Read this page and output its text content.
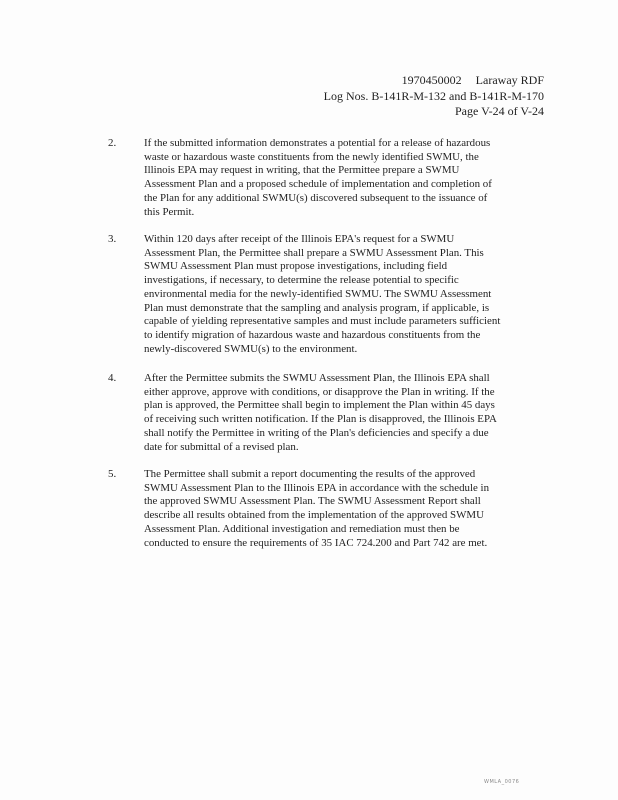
1970450002 Laraway RDF
Log Nos. B-141R-M-132 and B-141R-M-170
Page V-24 of V-24
2.	If the submitted information demonstrates a potential for a release of hazardous
waste or hazardous waste constituents from the newly identified SWMU, the
Illinois EPA may request in writing, that the Permittee prepare a SWMU
Assessment Plan and a proposed schedule of implementation and completion of
the Plan for any additional SWMU(s) discovered subsequent to the issuance of
this Permit.
3.	Within 120 days after receipt of the Illinois EPA's request for a SWMU
Assessment Plan, the Permittee shall prepare a SWMU Assessment Plan. This
SWMU Assessment Plan must propose investigations, including field
investigations, if necessary, to determine the release potential to specific
environmental media for the newly-identified SWMU. The SWMU Assessment
Plan must demonstrate that the sampling and analysis program, if applicable, is
capable of yielding representative samples and must include parameters sufficient
to identify migration of hazardous waste and hazardous constituents from the
newly-discovered SWMU(s) to the environment.
4.	After the Permittee submits the SWMU Assessment Plan, the Illinois EPA shall
either approve, approve with conditions, or disapprove the Plan in writing. If the
plan is approved, the Permittee shall begin to implement the Plan within 45 days
of receiving such written notification. If the Plan is disapproved, the Illinois EPA
shall notify the Permittee in writing of the Plan's deficiencies and specify a due
date for submittal of a revised plan.
5.	The Permittee shall submit a report documenting the results of the approved
SWMU Assessment Plan to the Illinois EPA in accordance with the schedule in
the approved SWMU Assessment Plan. The SWMU Assessment Report shall
describe all results obtained from the implementation of the approved SWMU
Assessment Plan. Additional investigation and remediation must then be
conducted to ensure the requirements of 35 IAC 724.200 and Part 742 are met.
WMLA_0076
